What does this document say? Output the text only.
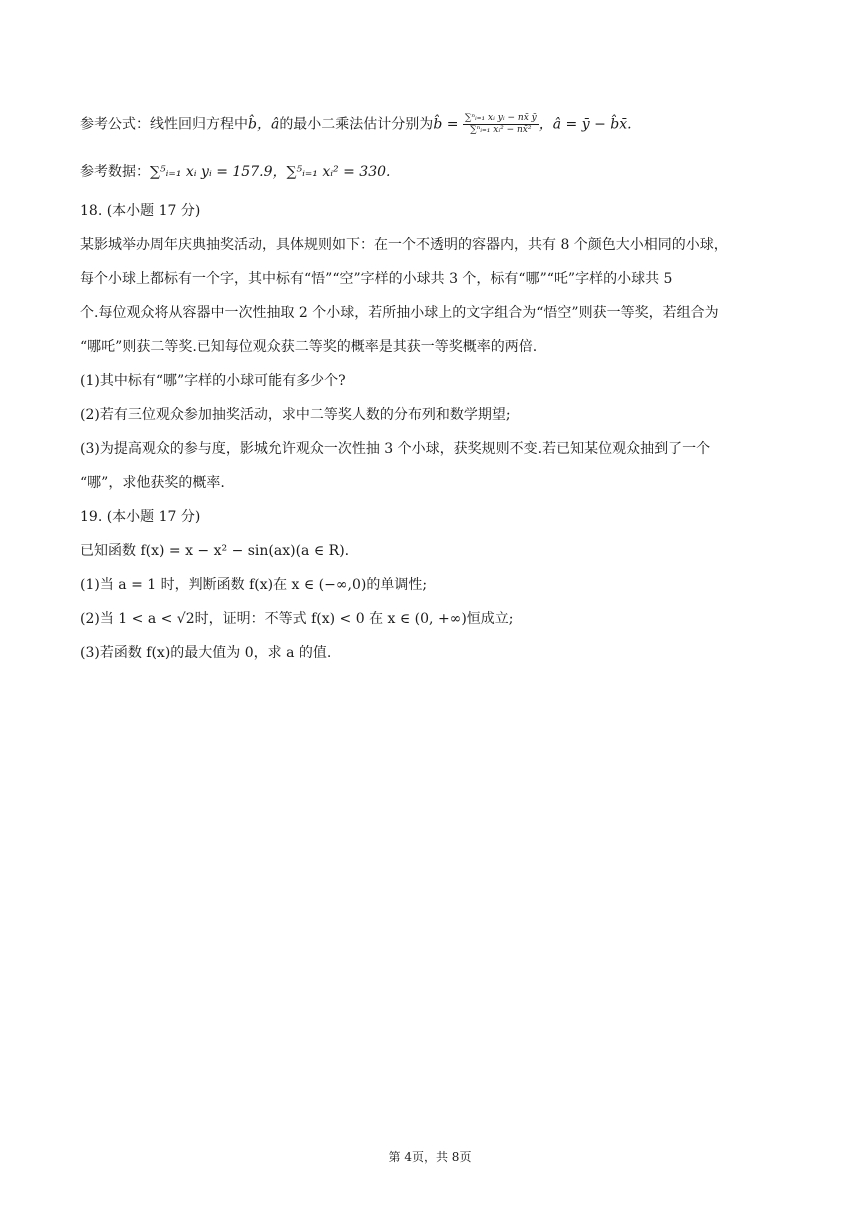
参考公式：线性回归方程中b̂，â的最小二乘法估计分别为b̂ = $\frac{\text{∑ⁿᵢ₌₁ xᵢ yᵢ − nx̄ ȳ}}{\text{∑ⁿᵢ₌₁ xᵢ² − nx̄²}}$ ，â = ȳ − b̂x̄.
参考数据：∑⁵ᵢ₌₁ xᵢ yᵢ = 157.9，∑⁵ᵢ₌₁ xᵢ² = 330.
18. (本小题 17 分)
某影城举办周年庆典抽奖活动，具体规则如下：在一个不透明的容器内，共有 8 个颜色大小相同的小球，
每个小球上都标有一个字，其中标有“悟”“空”字样的小球共 3 个，标有“哪”“吒”字样的小球共 5
个.每位观众将从容器中一次性抽取 2 个小球，若所抽小球上的文字组合为“悟空”则获一等奖，若组合为
“哪吒”则获二等奖.已知每位观众获二等奖的概率是其获一等奖概率的两倍.
(1)其中标有“哪”字样的小球可能有多少个?
(2)若有三位观众参加抽奖活动，求中二等奖人数的分布列和数学期望;
(3)为提高观众的参与度，影城允许观众一次性抽 3 个小球，获奖规则不变.若已知某位观众抽到了一个
“哪”，求他获奖的概率.
19. (本小题 17 分)
已知函数 f(x) = x − x² − sin(ax)(a ∈ R).
(1)当 a = 1 时，判断函数 f(x)在 x ∈ (−∞,0)的单调性;
(2)当 1 < a < √2时，证明：不等式 f(x) < 0 在 x ∈ (0, +∞)恒成立;
(3)若函数 f(x)的最大值为 0，求 a 的值.
第 4页，共 8页
